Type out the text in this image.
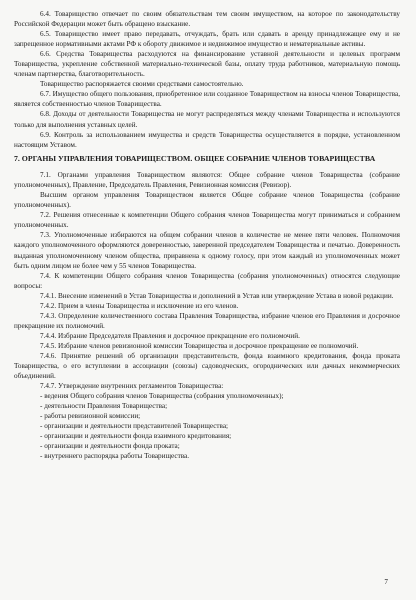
6.4. Товарищество отвечает по своим обязательствам тем своим имуществом, на которое по законодательству Российской Федерации может быть обращено взыскание.

6.5. Товарищество имеет право передавать, отчуждать, брать или сдавать в аренду принадлежащее ему и не запрещенное нормативными актами РФ к обороту движимое и недвижимое имущество и нематериальные активы.

6.6. Средства Товарищества расходуются на финансирование уставной деятельности и целевых программ Товарищества, укрепление собственной материально-технической базы, оплату труда работников, материальную помощь членам партнерства, благотворительность.

Товарищество распоряжается своими средствами самостоятельно.

6.7. Имущество общего пользования, приобретенное или созданное Товариществом на взносы членов Товарищества, является собственностью членов Товарищества.

6.8. Доходы от деятельности Товарищества не могут распределяться между членами Товарищества и используются только для выполнения уставных целей.

6.9. Контроль за использованием имущества и средств Товарищества осуществляется в порядке, установленном настоящим Уставом.

7. ОРГАНЫ УПРАВЛЕНИЯ ТОВАРИЩЕСТВОМ. ОБЩЕЕ СОБРАНИЕ ЧЛЕНОВ ТОВАРИЩЕСТВА

7.1. Органами управления Товариществом являются: Общее собрание членов Товарищества (собрание уполномоченных), Правление, Председатель Правления, Ревизионная комиссия (Ревизор).

Высшим органом управления Товариществом является Общее собрание членов Товарищества (собрание уполномоченных).

7.2. Решения отнесенные к компетенции Общего собрания членов Товарищества могут приниматься и собранием уполномоченных.

7.3. Уполномоченные избираются на общем собрании членов в количестве не менее пяти человек. Полномочия каждого уполномоченного оформляются доверенностью, заверенной председателем Товарищества и печатью. Доверенность выданная уполномоченному членом общества, приравнена к одному голосу, при этом каждый из уполномоченных может быть одним лицом не более чем у 55 членов Товарищества.

7.4. К компетенции Общего собрания членов Товарищества (собрания уполномоченных) относятся следующие вопросы:

7.4.1. Внесение изменений в Устав Товарищества и дополнений в Устав или утверждение Устава в новой редакции.

7.4.2. Прием в члены Товарищества и исключение из его членов.

7.4.3. Определение количественного состава Правления Товарищества, избрание членов его Правления и досрочное прекращение их полномочий.

7.4.4. Избрание Председателя Правления и досрочное прекращение его полномочий.

7.4.5. Избрание членов ревизионной комиссии Товарищества и досрочное прекращение ее полномочий.

7.4.6. Принятие решений об организации представительств, фонда взаимного кредитования, фонда проката Товарищества, о его вступлении в ассоциации (союзы) садоводческих, огороднических или дачных некоммерческих объединений.

7.4.7. Утверждение внутренних регламентов Товарищества:

- ведения Общего собрания членов Товарищества (собрания уполномоченных);
- деятельности Правления Товарищества;
- работы ревизионной комиссии;
- организации и деятельности представителей Товарищества;
- организации и деятельности фонда взаимного кредитования;
- организации и деятельности фонда проката;
- внутреннего распорядка работы Товарищества.
7
